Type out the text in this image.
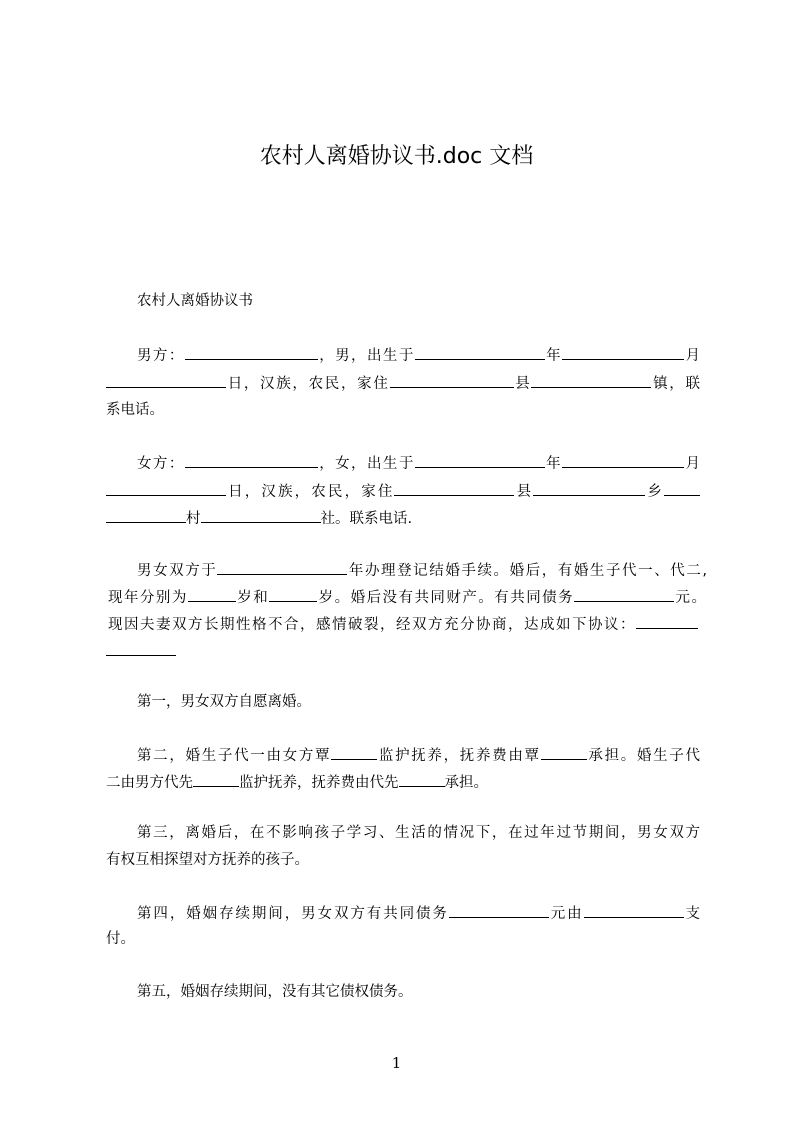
农村人离婚协议书.doc 文档

农村人离婚协议书

男方：	，男，出生于	年	月

日，汉族，农民，家住	县	镇，联

系电话。

女方：	，女，出生于	年	月

日，汉族，农民，家住	县	乡

村	社。联系电话.

男女双方于	年办理登记结婚手续。婚后，有婚生子代一、代二,

现年分别为	岁和	岁。婚后没有共同财产。有共同债务	元。

现因夫妻双方长期性格不合，感情破裂，经双方充分协商，达成如下协议：

第一，男女双方自愿离婚。

第二，婚生子代一由女方覃	监护抚养，抚养费由覃	承担。婚生子代

二由男方代先	监护抚养，抚养费由代先	承担。

第三，离婚后，在不影响孩子学习、生活的情况下，在过年过节期间，男女双方

有权互相探望对方抚养的孩子。

第四，婚姻存续期间，男女双方有共同债务	元由	支

付。

第五，婚姻存续期间，没有其它债权债务。

1
